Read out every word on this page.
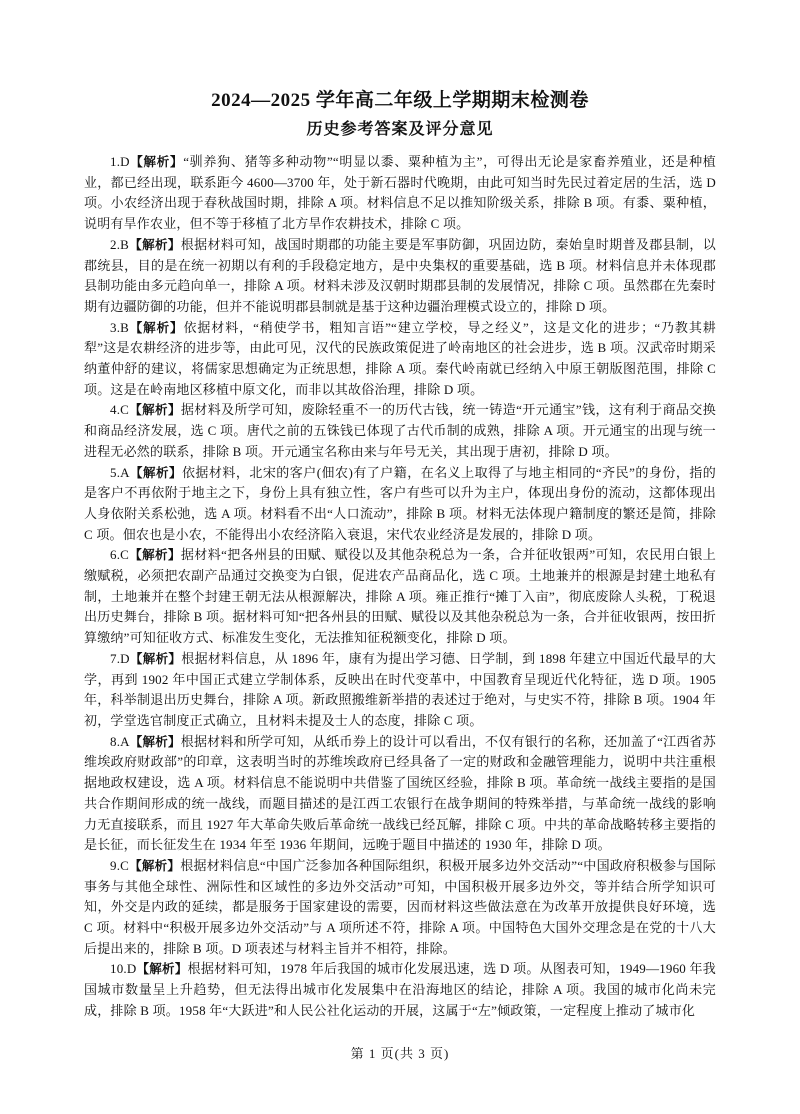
2024—2025 学年高二年级上学期期末检测卷
历史参考答案及评分意见

1.D【解析】“驯养狗、猪等多种动物”“明显以黍、粟种植为主”，可得出无论是家畜养殖业，还是种植业，都已经出现，联系距今 4600—3700 年，处于新石器时代晚期，由此可知当时先民过着定居的生活，选 D 项。小农经济出现于春秋战国时期，排除 A 项。材料信息不足以推知阶级关系，排除 B 项。有黍、粟种植，说明有旱作农业，但不等于移植了北方旱作农耕技术，排除 C 项。

2.B【解析】根据材料可知，战国时期郡的功能主要是军事防御，巩固边防，秦始皇时期普及郡县制，以郡统县，目的是在统一初期以有利的手段稳定地方，是中央集权的重要基础，选 B 项。材料信息并未体现郡县制功能由多元趋向单一，排除 A 项。材料未涉及汉朝时期郡县制的发展情况，排除 C 项。虽然郡在先秦时期有边疆防御的功能，但并不能说明郡县制就是基于这种边疆治理模式设立的，排除 D 项。

3.B【解析】依据材料，“稍使学书，粗知言语”“建立学校，导之经义”，这是文化的进步；“乃教其耕犁”这是农耕经济的进步等，由此可见，汉代的民族政策促进了岭南地区的社会进步，选 B 项。汉武帝时期采纳董仲舒的建议，将儒家思想确定为正统思想，排除 A 项。秦代岭南就已经纳入中原王朝版图范围，排除 C 项。这是在岭南地区移植中原文化，而非以其故俗治理，排除 D 项。

4.C【解析】据材料及所学可知，废除轻重不一的历代古钱，统一铸造“开元通宝”钱，这有利于商品交换和商品经济发展，选 C 项。唐代之前的五铢钱已体现了古代币制的成熟，排除 A 项。开元通宝的出现与统一进程无必然的联系，排除 B 项。开元通宝名称由来与年号无关，其出现于唐初，排除 D 项。

5.A【解析】依据材料，北宋的客户(佃农)有了户籍，在名义上取得了与地主相同的“齐民”的身份，指的是客户不再依附于地主之下，身份上具有独立性，客户有些可以升为主户，体现出身份的流动，这都体现出人身依附关系松弛，选 A 项。材料看不出“人口流动”，排除 B 项。材料无法体现户籍制度的繁还是简，排除 C 项。佃农也是小农，不能得出小农经济陷入衰退，宋代农业经济是发展的，排除 D 项。

6.C【解析】据材料“把各州县的田赋、赋役以及其他杂税总为一条，合并征收银两”可知，农民用白银上缴赋税，必须把农副产品通过交换变为白银，促进农产品商品化，选 C 项。土地兼并的根源是封建土地私有制，土地兼并在整个封建王朝无法从根源解决，排除 A 项。雍正推行“摊丁入亩”，彻底废除人头税，丁税退出历史舞台，排除 B 项。据材料可知“把各州县的田赋、赋役以及其他杂税总为一条，合并征收银两，按田折算缴纳”可知征收方式、标准发生变化，无法推知征税额变化，排除 D 项。

7.D【解析】根据材料信息，从 1896 年，康有为提出学习德、日学制，到 1898 年建立中国近代最早的大学，再到 1902 年中国正式建立学制体系，反映出在时代变革中，中国教育呈现近代化特征，选 D 项。1905 年，科举制退出历史舞台，排除 A 项。新政照搬维新举措的表述过于绝对，与史实不符，排除 B 项。1904 年初，学堂选官制度正式确立，且材料未提及士人的态度，排除 C 项。

8.A【解析】根据材料和所学可知，从纸币券上的设计可以看出，不仅有银行的名称，还加盖了“江西省苏维埃政府财政部”的印章，这表明当时的苏维埃政府已经具备了一定的财政和金融管理能力，说明中共注重根据地政权建设，选 A 项。材料信息不能说明中共借鉴了国统区经验，排除 B 项。革命统一战线主要指的是国共合作期间形成的统一战线，而题目描述的是江西工农银行在战争期间的特殊举措，与革命统一战线的影响力无直接联系，而且 1927 年大革命失败后革命统一战线已经瓦解，排除 C 项。中共的革命战略转移主要指的是长征，而长征发生在 1934 年至 1936 年期间，远晚于题目中描述的 1930 年，排除 D 项。

9.C【解析】根据材料信息“中国广泛参加各种国际组织，积极开展多边外交活动”“中国政府积极参与国际事务与其他全球性、洲际性和区域性的多边外交活动”可知，中国积极开展多边外交，等并结合所学知识可知，外交是内政的延续，都是服务于国家建设的需要，因而材料这些做法意在为改革开放提供良好环境，选 C 项。材料中“积极开展多边外交活动”与 A 项所述不符，排除 A 项。中国特色大国外交理念是在党的十八大后提出来的，排除 B 项。D 项表述与材料主旨并不相符，排除。

10.D【解析】根据材料可知，1978 年后我国的城市化发展迅速，选 D 项。从图表可知，1949—1960 年我国城市数量呈上升趋势，但无法得出城市化发展集中在沿海地区的结论，排除 A 项。我国的城市化尚未完成，排除 B 项。1958 年“大跃进”和人民公社化运动的开展，这属于“左”倾政策，一定程度上推动了城市化

第 1 页(共 3 页)
